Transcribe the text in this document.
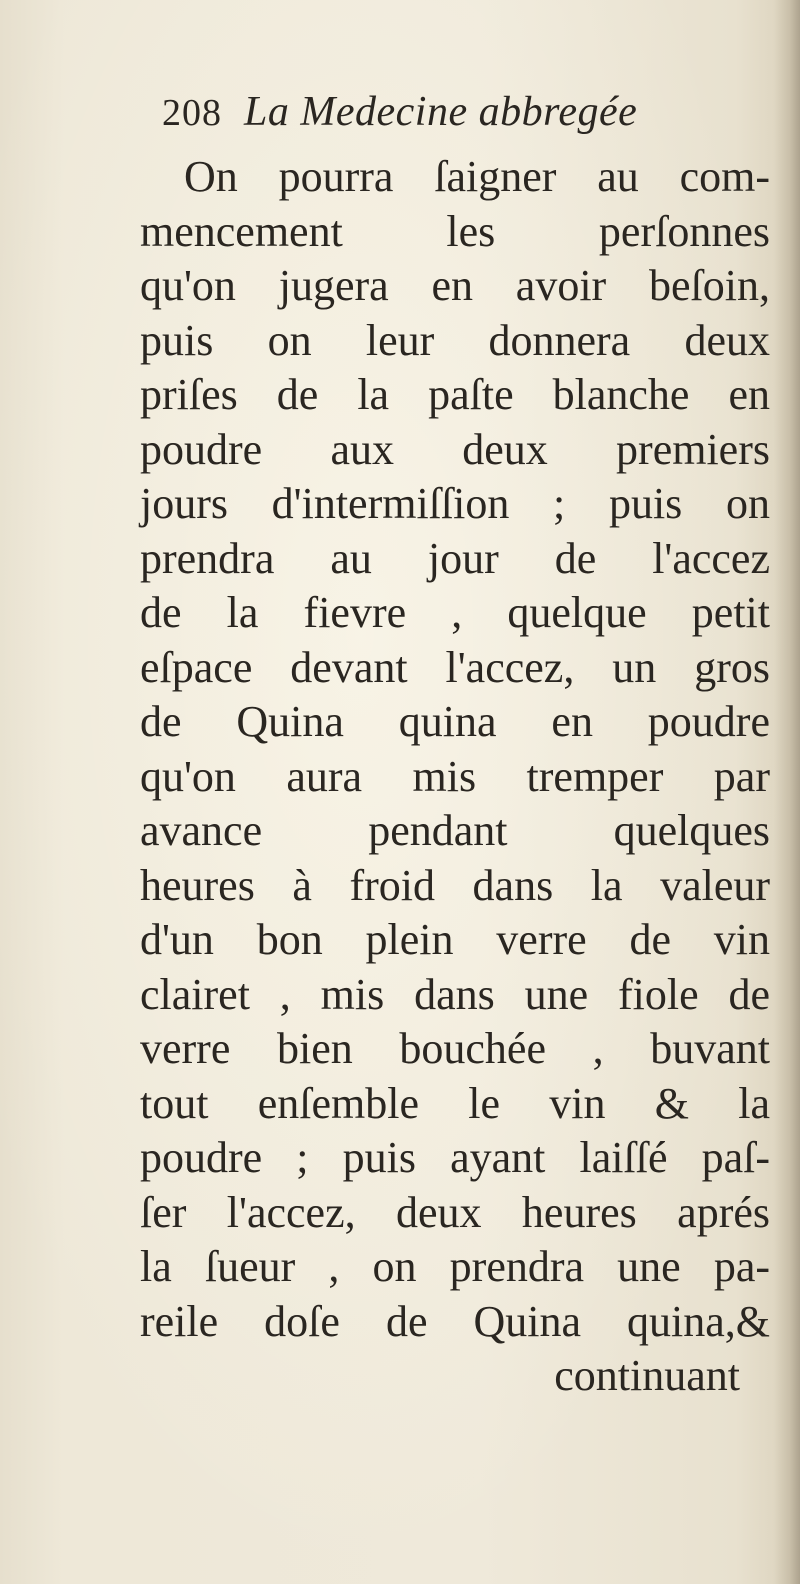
208 La Medecine abbregée
On pourra ſaigner au com-
mencement les perſonnes
qu'on jugera en avoir beſoin,
puis on leur donnera deux
priſes de la paſte blanche en
poudre aux deux premiers
jours d'intermiſſion ; puis on
prendra au jour de l'accez
de la fievre , quelque petit
eſpace devant l'accez, un gros
de Quina quina en poudre
qu'on aura mis tremper par
avance pendant quelques
heures à froid dans la valeur
d'un bon plein verre de vin
clairet , mis dans une fiole de
verre bien bouchée , buvant
tout enſemble le vin & la
poudre ; puis ayant laiſſé paſ-
ſer l'accez, deux heures aprés
la ſueur , on prendra une pa-
reile doſe de Quina quina,&
continuant
